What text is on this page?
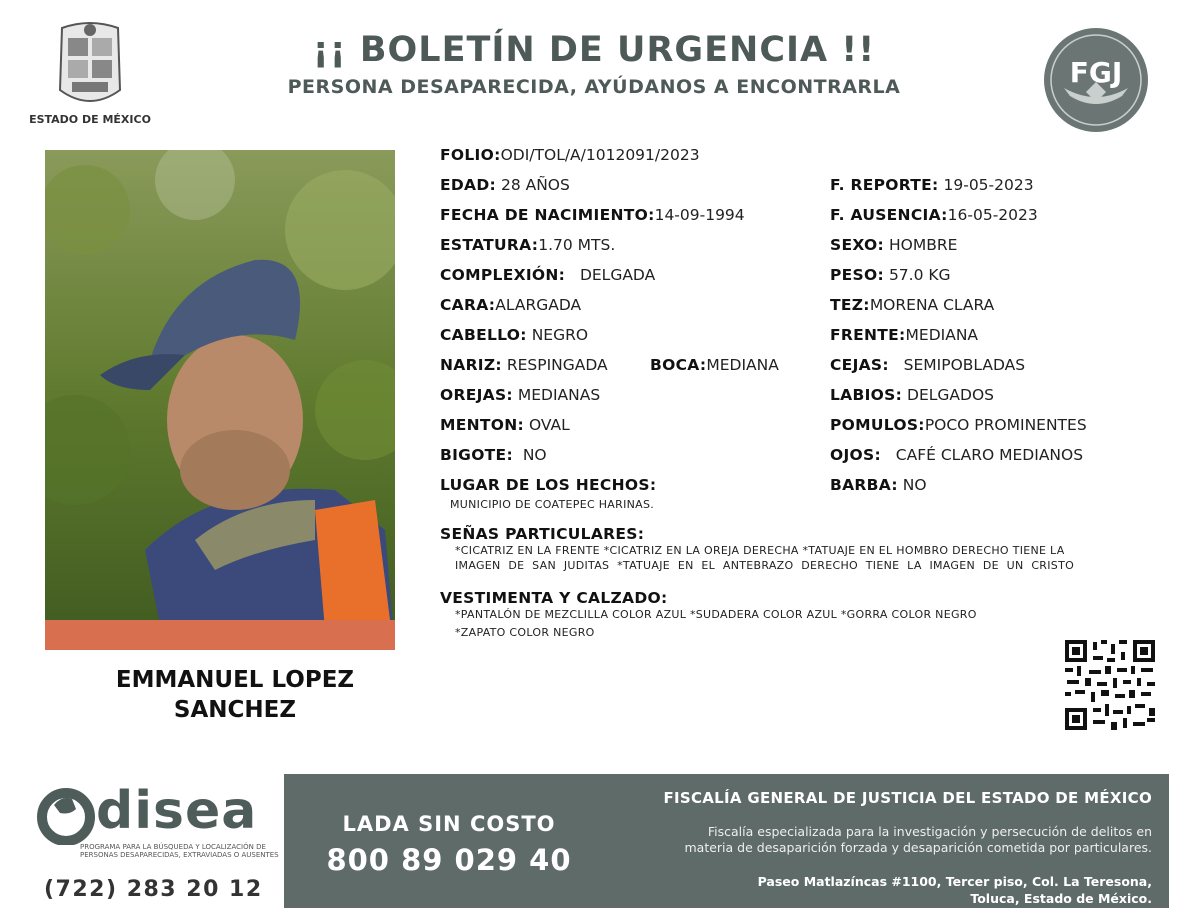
ESTADO DE MÉXICO
¡¡ BOLETÍN DE URGENCIA !!
PERSONA DESAPARECIDA, AYÚDANOS A ENCONTRARLA	FGJ
EMMANUEL LOPEZ
SANCHEZ
FOLIO:ODI/TOL/A/1012091/2023
EDAD: 28 AÑOS
FECHA DE NACIMIENTO:14-09-1994
ESTATURA:1.70 MTS.
COMPLEXIÓN: DELGADA
CARA:ALARGADA
CABELLO: NEGRO
NARIZ: RESPINGADA	BOCA:MEDIANA
OREJAS: MEDIANAS
MENTON: OVAL
BIGOTE: NO
LUGAR DE LOS HECHOS:
MUNICIPIO DE COATEPEC HARINAS.
F. REPORTE: 19-05-2023
F. AUSENCIA:16-05-2023
SEXO: HOMBRE
PESO: 57.0 KG
TEZ:MORENA CLARA
FRENTE:MEDIANA
CEJAS: SEMIPOBLADAS
LABIOS: DELGADOS
POMULOS:POCO PROMINENTES
OJOS: CAFÉ CLARO MEDIANOS
BARBA: NO
SEÑAS PARTICULARES:
*CICATRIZ EN LA FRENTE *CICATRIZ EN LA OREJA DERECHA *TATUAJE EN EL HOMBRO DERECHO TIENE LA
IMAGEN DE SAN JUDITAS *TATUAJE EN EL ANTEBRAZO DERECHO TIENE LA IMAGEN DE UN CRISTO
VESTIMENTA Y CALZADO:
*PANTALÓN DE MEZCLILLA COLOR AZUL *SUDADERA COLOR AZUL *GORRA COLOR NEGRO
*ZAPATO COLOR NEGRO
disea
PROGRAMA PARA LA BÚSQUEDA Y LOCALIZACIÓN DE PERSONAS DESAPARECIDAS, EXTRAVIADAS O AUSENTES
(722) 283 20 12
LADA SIN COSTO
800 89 029 40
FISCALÍA GENERAL DE JUSTICIA DEL ESTADO DE MÉXICO
Fiscalía especializada para la investigación y persecución de delitos en
materia de desaparición forzada y desaparición cometida por particulares.
Paseo Matlazíncas #1100, Tercer piso, Col. La Teresona,
Toluca, Estado de México.
